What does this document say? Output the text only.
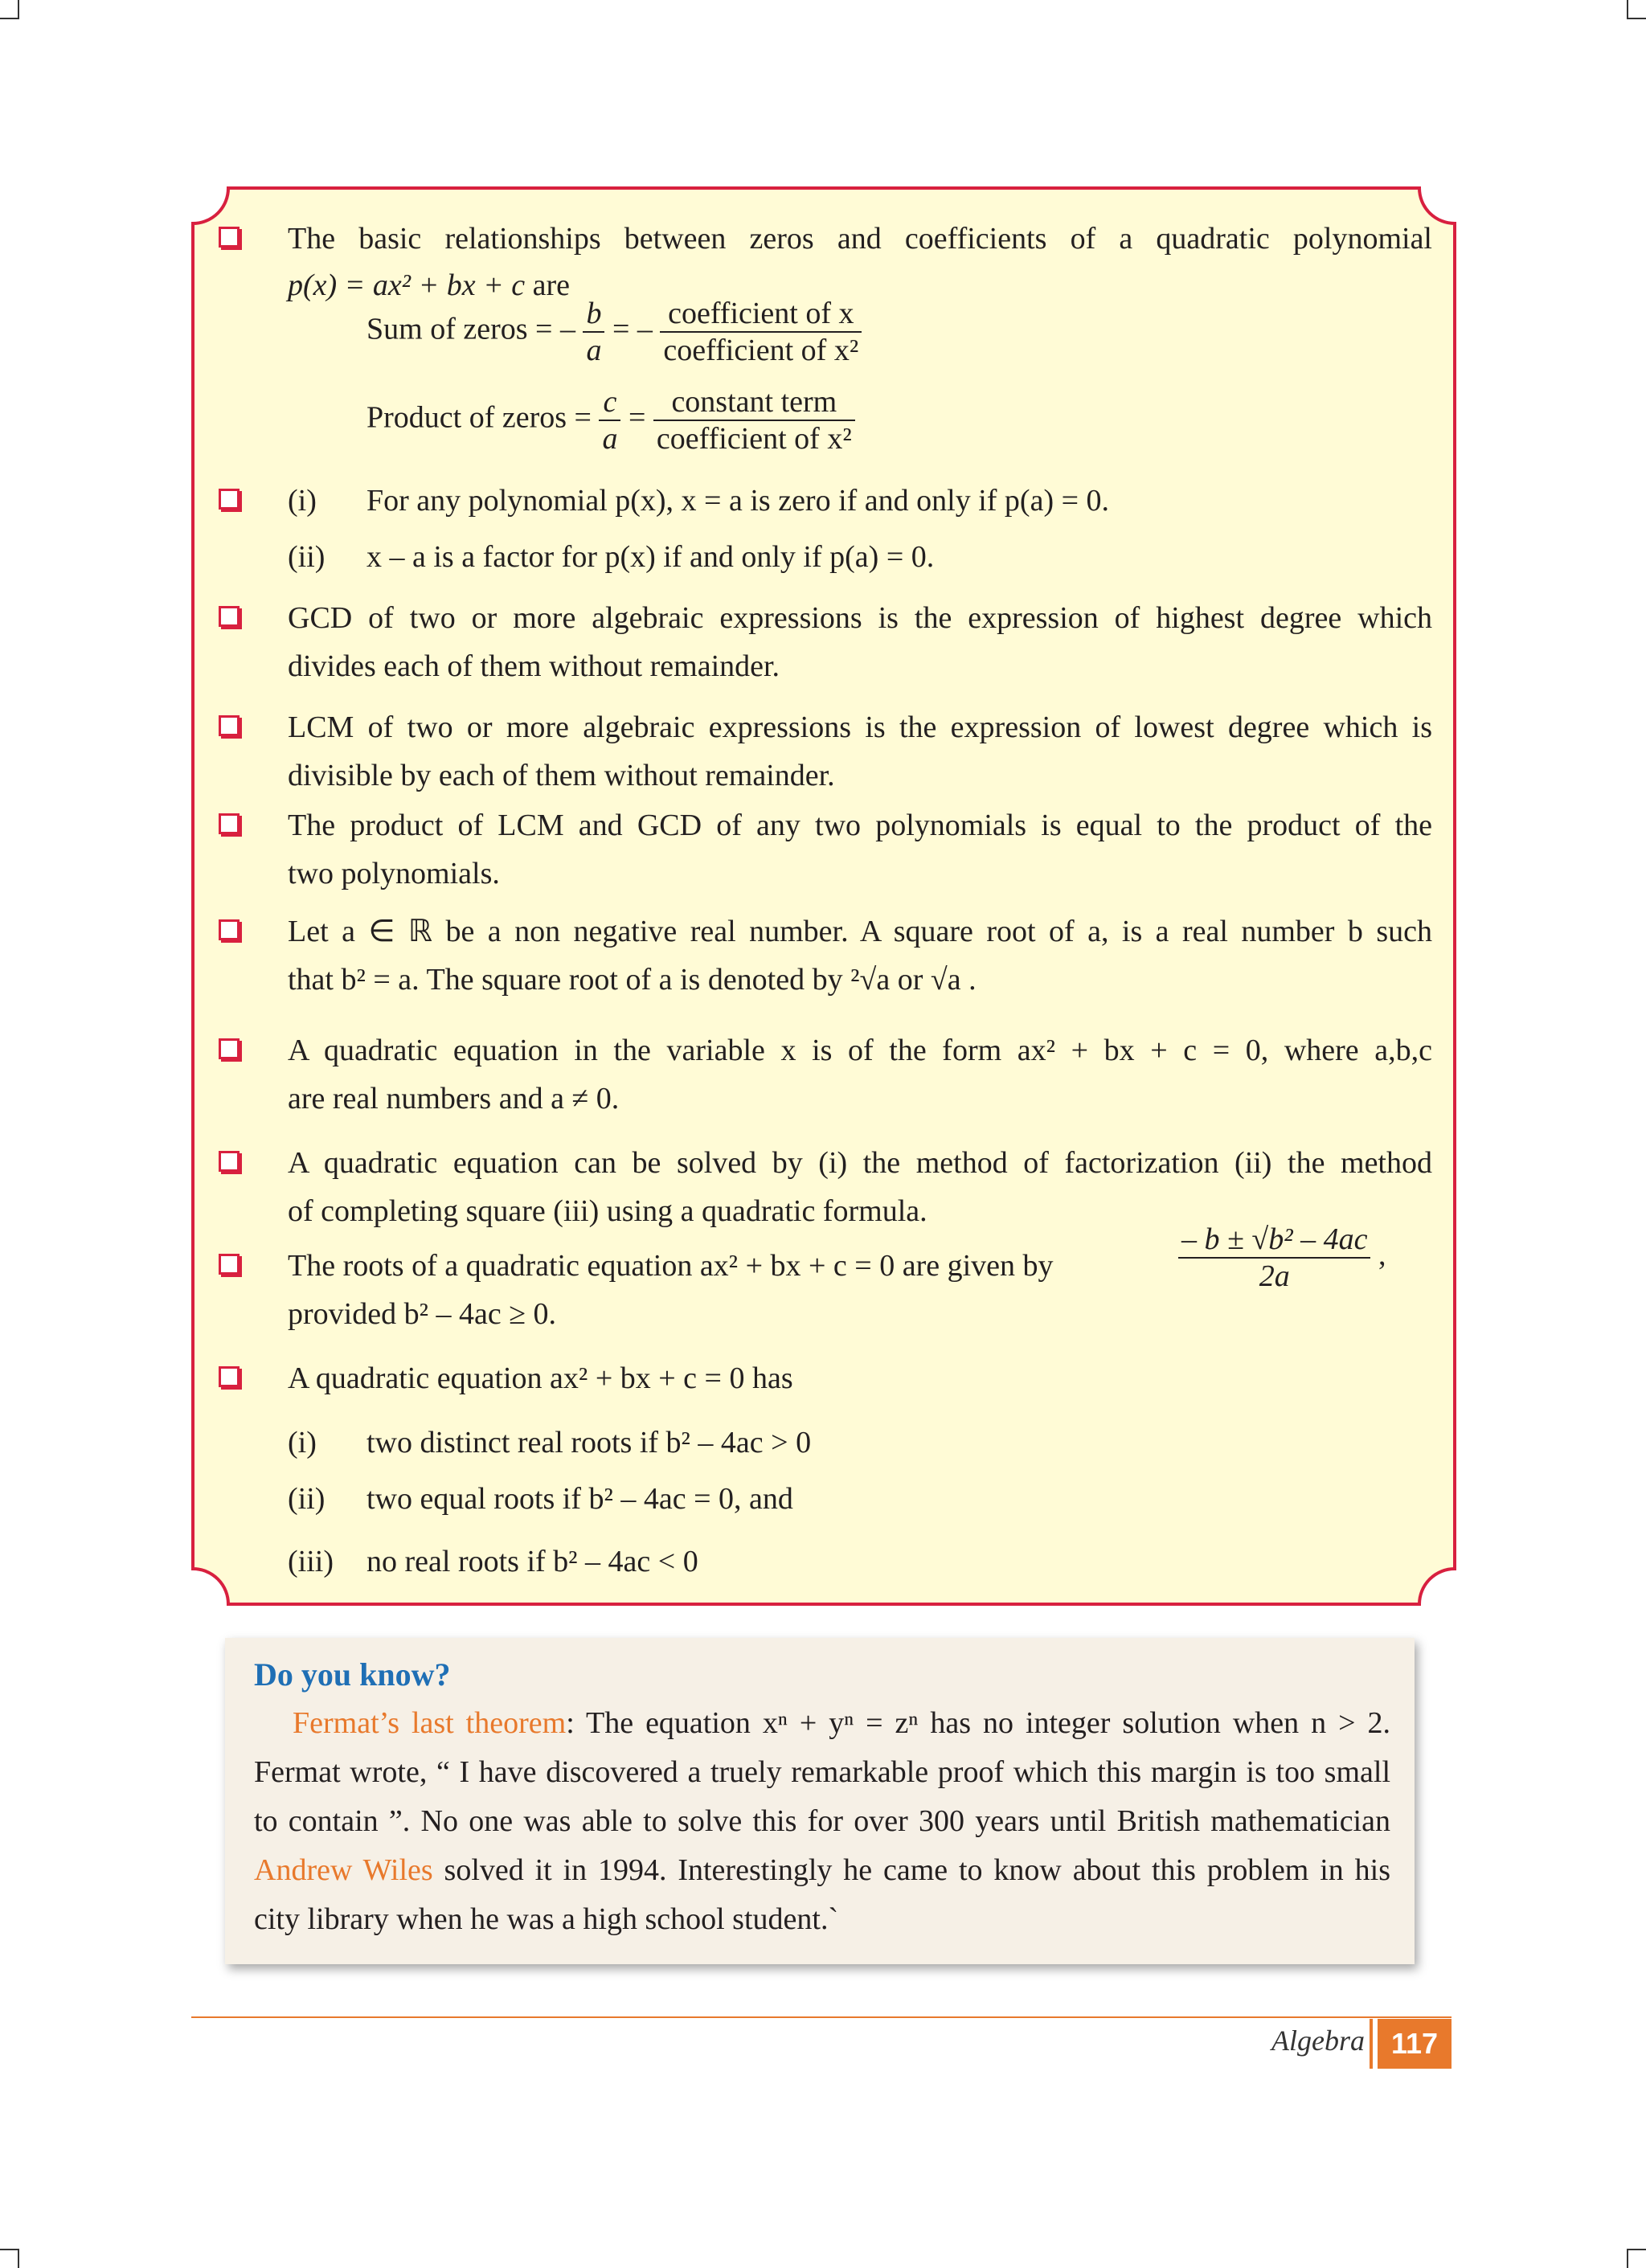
The basic relationships between zeros and coefficients of a quadratic polynomial
p(x) = ax² + bx + c are
Sum of zeros = – $\frac{b}{a}$ = – $\frac{\text{coefficient of x}}{\text{coefficient of x²}}$
Product of zeros = $\frac{c}{a} = \frac{\text{constant term}}{\text{coefficient of x²}}$
(i) For any polynomial p(x), x = a is zero if and only if p(a) = 0.
(ii) x – a is a factor for p(x) if and only if p(a) = 0.
GCD of two or more algebraic expressions is the expression of highest degree which
divides each of them without remainder.
LCM of two or more algebraic expressions is the expression of lowest degree which is
divisible by each of them without remainder.
The product of LCM and GCD of any two polynomials is equal to the product of the
two polynomials.
Let a ∈ ℝ be a non negative real number. A square root of a, is a real number b such
that b² = a. The square root of a is denoted by ²√a or √a .
A quadratic equation in the variable x is of the form ax² + bx + c = 0, where a,b,c
are real numbers and a ≠ 0.
A quadratic equation can be solved by (i) the method of factorization (ii) the method
of completing square (iii) using a quadratic formula.
The roots of a quadratic equation ax² + bx + c = 0 are given by	$\frac{\text{– b ± √b² – 4ac}}{2a}$ ,
provided b² – 4ac ≥ 0.
A quadratic equation ax² + bx + c = 0 has
(i) two distinct real roots if b² – 4ac > 0
(ii) two equal roots if b² – 4ac = 0, and
(iii) no real roots if b² – 4ac < 0
Do you know?
Fermat’s last theorem: The equation xⁿ + yⁿ = zⁿ has no integer solution when n > 2. Fermat wrote, “ I have discovered a truely remarkable proof which this margin is too small to contain ”. No one was able to solve this for over 300 years until British mathematician Andrew Wiles solved it in 1994. Interestingly he came to know about this problem in his city library when he was a high school student.`
Algebra 117
